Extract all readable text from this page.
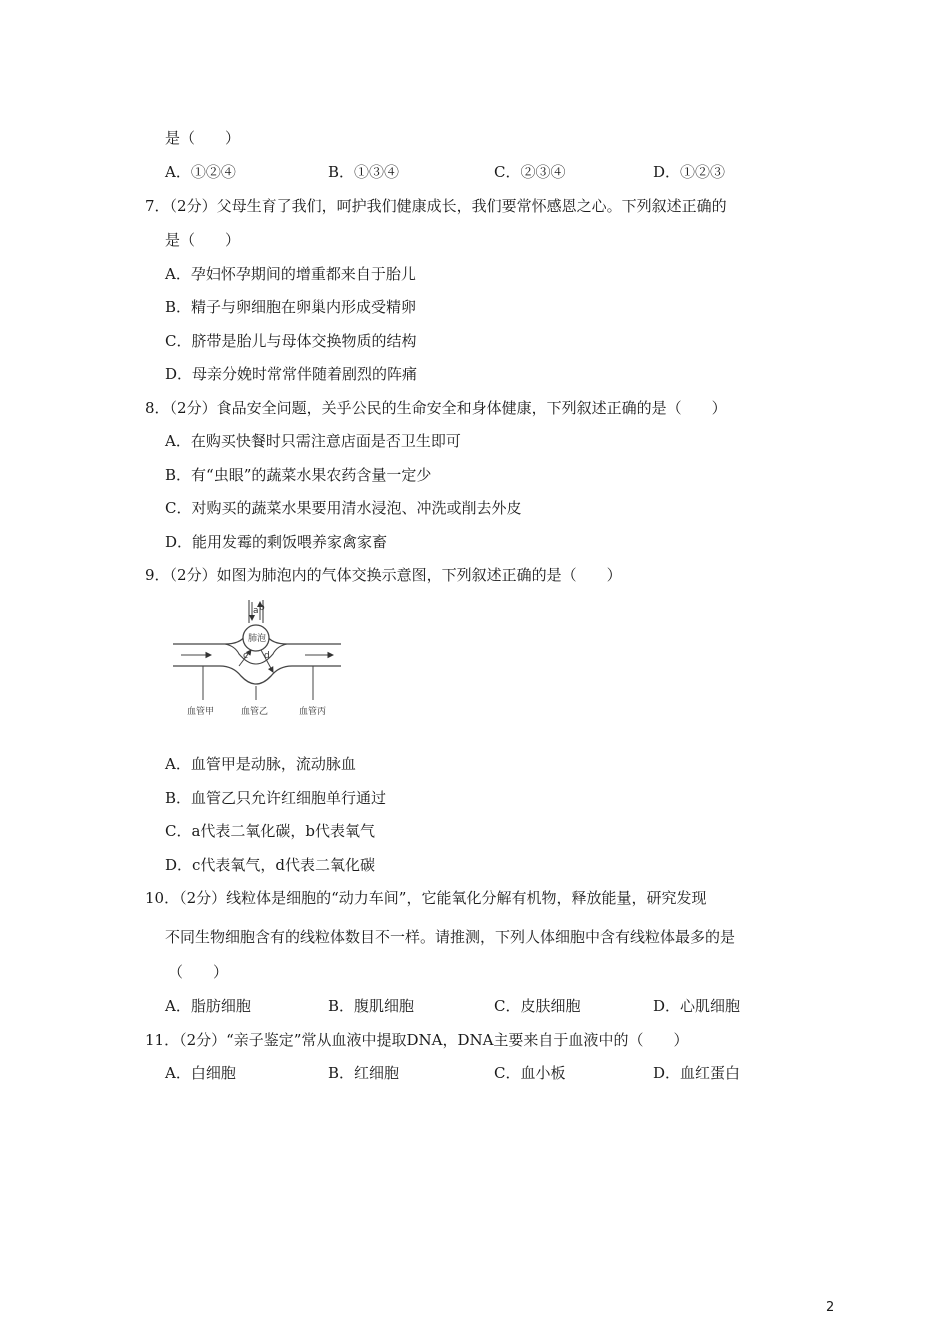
是（　　）
A．①②④	B．①③④	C．②③④	D．①②③
7．（2分）父母生育了我们，呵护我们健康成长，我们要常怀感恩之心。下列叙述正确的
是（　　）
A．孕妇怀孕期间的增重都来自于胎儿
B．精子与卵细胞在卵巢内形成受精卵
C．脐带是胎儿与母体交换物质的结构
D．母亲分娩时常常伴随着剧烈的阵痛
8．（2分）食品安全问题，关乎公民的生命安全和身体健康，下列叙述正确的是（　　）
A．在购买快餐时只需注意店面是否卫生即可
B．有“虫眼”的蔬菜水果农药含量一定少
C．对购买的蔬菜水果要用清水浸泡、冲洗或削去外皮
D．能用发霉的剩饭喂养家禽家畜
9．（2分）如图为肺泡内的气体交换示意图，下列叙述正确的是（　　）
肺泡
a b
c d
血管甲	血管乙	血管丙
A．血管甲是动脉，流动脉血
B．血管乙只允许红细胞单行通过
C．a代表二氧化碳，b代表氧气
D．c代表氧气，d代表二氧化碳
10．（2分）线粒体是细胞的“动力车间”，它能氧化分解有机物，释放能量，研究发现
不同生物细胞含有的线粒体数目不一样。请推测，下列人体细胞中含有线粒体最多的是
（　　）
A．脂肪细胞	B．腹肌细胞	C．皮肤细胞	D．心肌细胞
11．（2分）“亲子鉴定”常从血液中提取DNA，DNA主要来自于血液中的（　　）
A．白细胞	B．红细胞	C．血小板	D．血红蛋白
2
